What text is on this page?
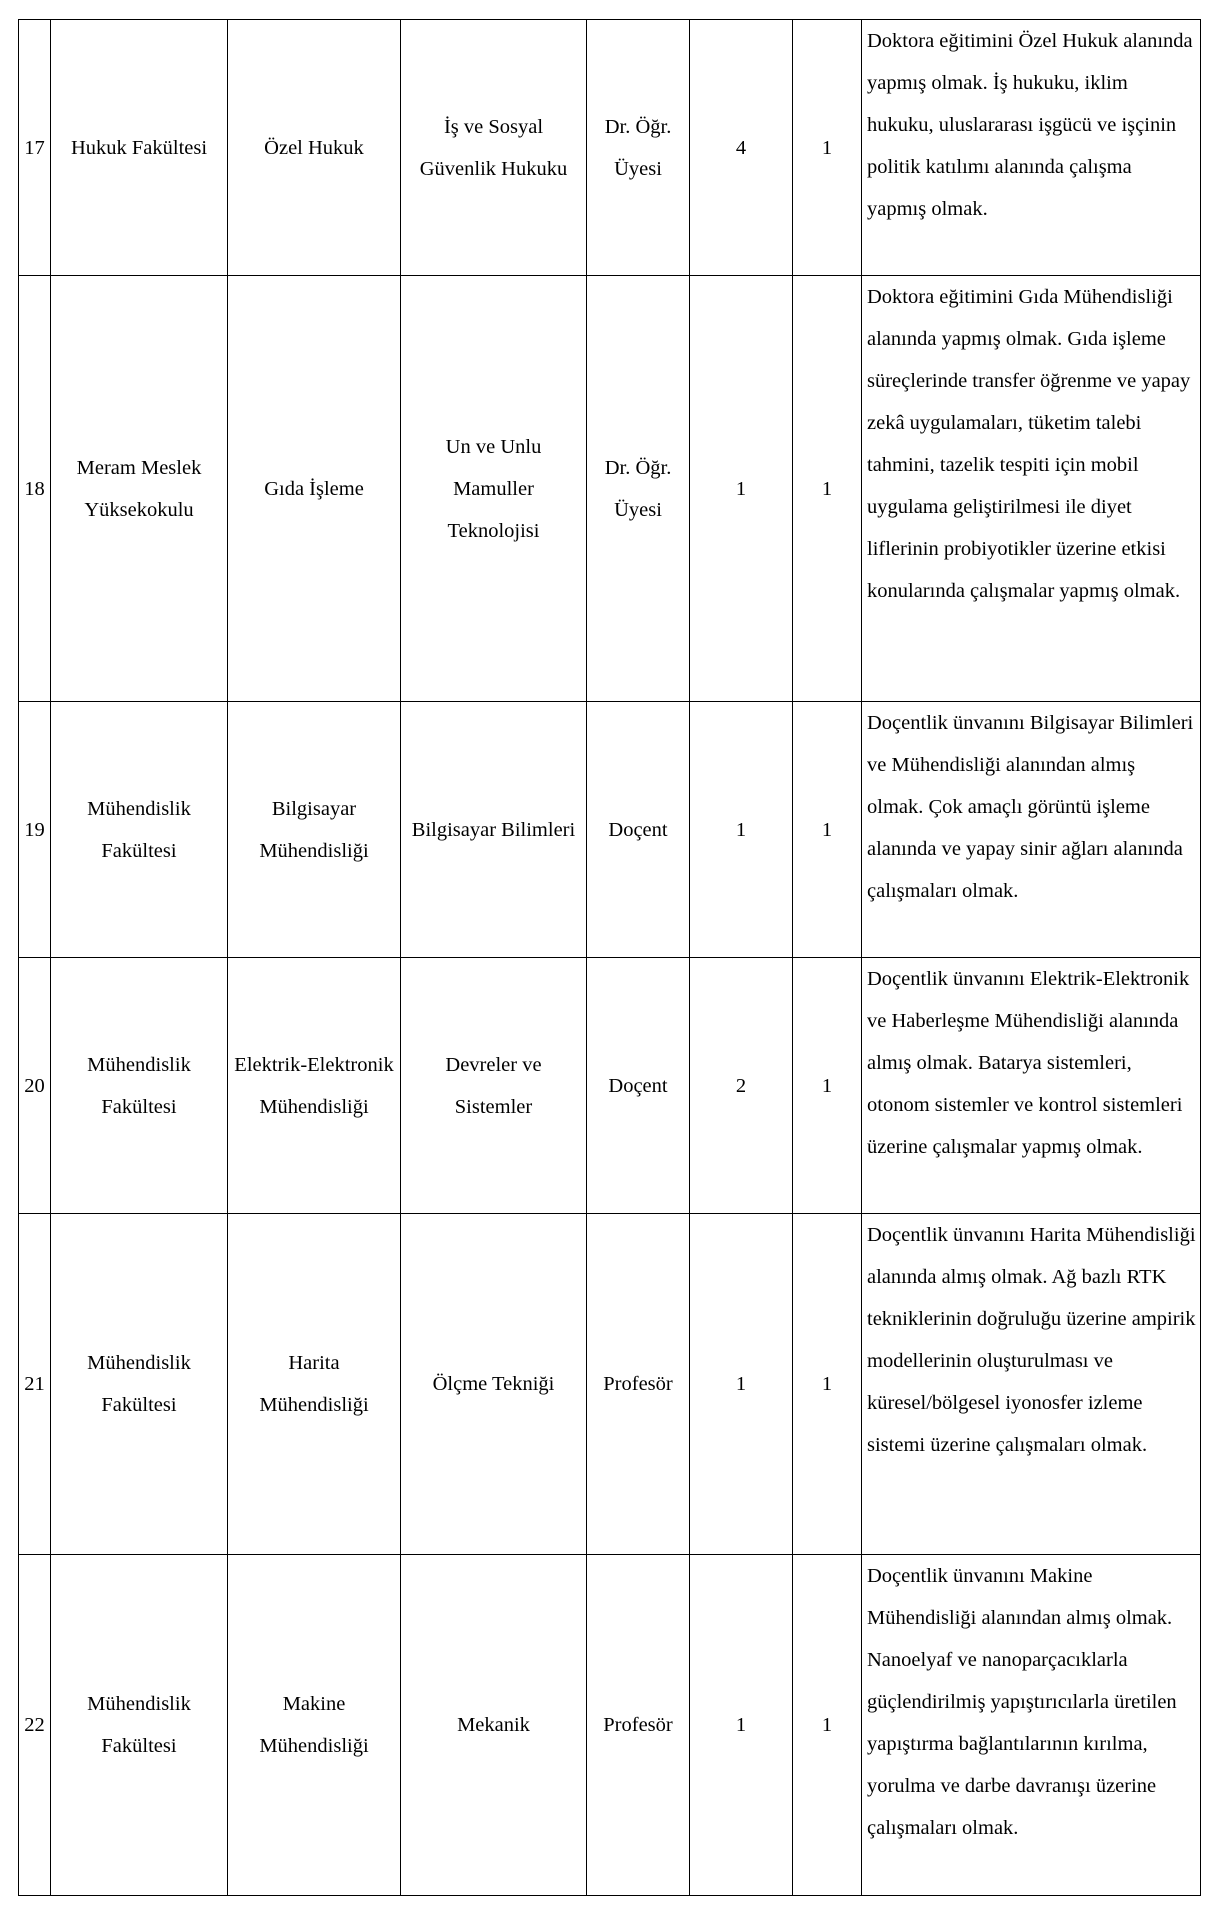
17	Hukuk Fakültesi	Özel Hukuk	İş ve Sosyal Güvenlik Hukuku	Dr. Öğr. Üyesi	4	1	Doktora eğitimini Özel Hukuk alanında yapmış olmak. İş hukuku, iklim hukuku, uluslararası işgücü ve işçinin politik katılımı alanında çalışma yapmış olmak.
18	Meram Meslek Yüksekokulu	Gıda İşleme	Un ve Unlu Mamuller Teknolojisi	Dr. Öğr. Üyesi	1	1	Doktora eğitimini Gıda Mühendisliği alanında yapmış olmak. Gıda işleme süreçlerinde transfer öğrenme ve yapay zekâ uygulamaları, tüketim talebi tahmini, tazelik tespiti için mobil uygulama geliştirilmesi ile diyet liflerinin probiyotikler üzerine etkisi konularında çalışmalar yapmış olmak.
19	Mühendislik Fakültesi	Bilgisayar Mühendisliği	Bilgisayar Bilimleri	Doçent	1	1	Doçentlik ünvanını Bilgisayar Bilimleri ve Mühendisliği alanından almış olmak. Çok amaçlı görüntü işleme alanında ve yapay sinir ağları alanında çalışmaları olmak.
20	Mühendislik Fakültesi	Elektrik-Elektronik Mühendisliği	Devreler ve Sistemler	Doçent	2	1	Doçentlik ünvanını Elektrik-Elektronik ve Haberleşme Mühendisliği alanında almış olmak. Batarya sistemleri, otonom sistemler ve kontrol sistemleri üzerine çalışmalar yapmış olmak.
21	Mühendislik Fakültesi	Harita Mühendisliği	Ölçme Tekniği	Profesör	1	1	Doçentlik ünvanını Harita Mühendisliği alanında almış olmak. Ağ bazlı RTK tekniklerinin doğruluğu üzerine ampirik modellerinin oluşturulması ve küresel/bölgesel iyonosfer izleme sistemi üzerine çalışmaları olmak.
22	Mühendislik Fakültesi	Makine Mühendisliği	Mekanik	Profesör	1	1	Doçentlik ünvanını Makine Mühendisliği alanından almış olmak. Nanoelyaf ve nanoparçacıklarla güçlendirilmiş yapıştırıcılarla üretilen yapıştırma bağlantılarının kırılma, yorulma ve darbe davranışı üzerine çalışmaları olmak.
